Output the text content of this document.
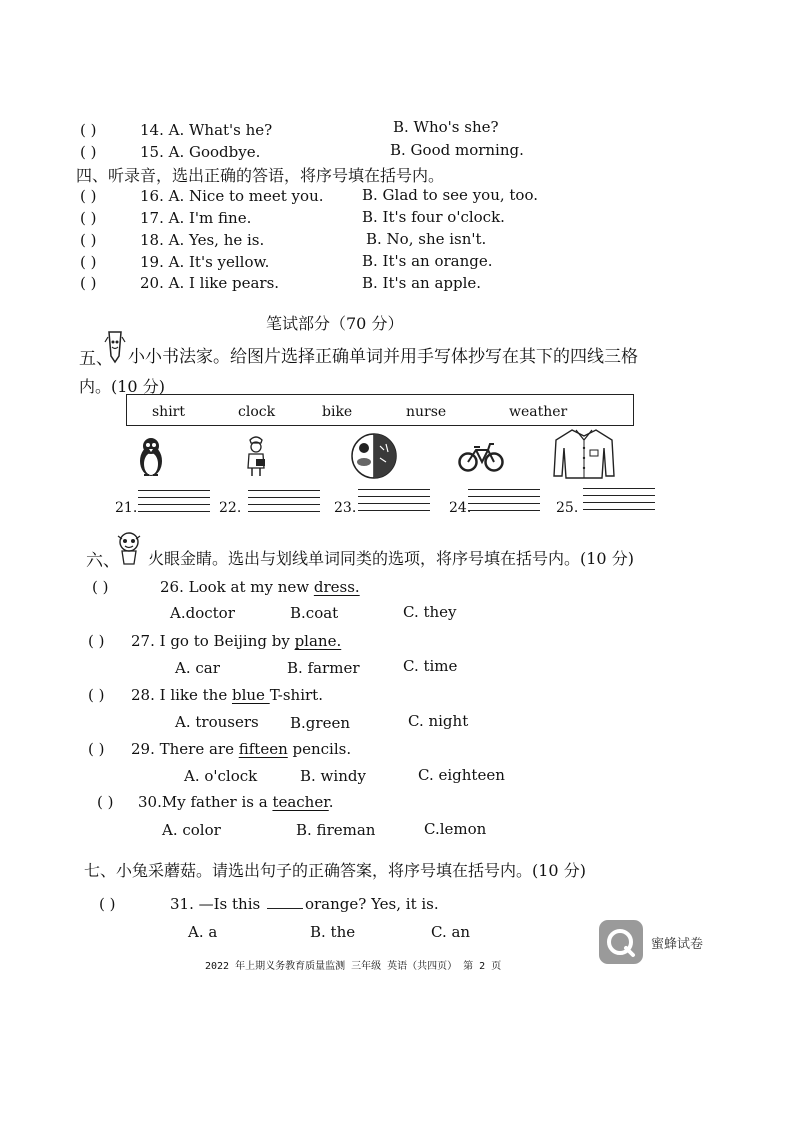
( )	14. A. What's he?	B. Who's she?
( )	15. A. Goodbye.	B. Good morning.
四、听录音，选出正确的答语，将序号填在括号内。
( )	16. A. Nice to meet you.	B. Glad to see you, too.
( )	17. A. I'm fine.	B. It's four o'clock.
( )	18. A. Yes, he is.	B. No, she isn't.
( )	19. A. It's yellow.	B. It's an orange.
( )	20. A. I like pears.	B. It's an apple.
笔试部分（70 分）
五、 小小书法家。给图片选择正确单词并用手写体抄写在其下的四线三格
内。(10 分)
shirt	clock	bike	nurse	weather
21.	22.	23.	24.	25.
六、 火眼金睛。选出与划线单词同类的选项，将序号填在括号内。(10 分)
( )	26. Look at my new dress.
A.doctor	B.coat	C. they
( ) 27. I go to Beijing by plane.
A. car	B. farmer	C. time
( ) 28. I like the blue T-shirt.
A. trousers B.green	C. night
( ) 29. There are fifteen pencils.
A. o'clock	B. windy	C. eighteen
( ) 30.My father is a teacher.
A. color	B. fireman	C.lemon
七、小兔采蘑菇。请选出句子的正确答案，将序号填在括号内。(10 分)
( )	31. —Is this	orange? Yes, it is.
A. a	B. the	C. an
蜜蜂试卷
2022 年上期义务教育质量监测 三年级 英语（共四页） 第 2 页
